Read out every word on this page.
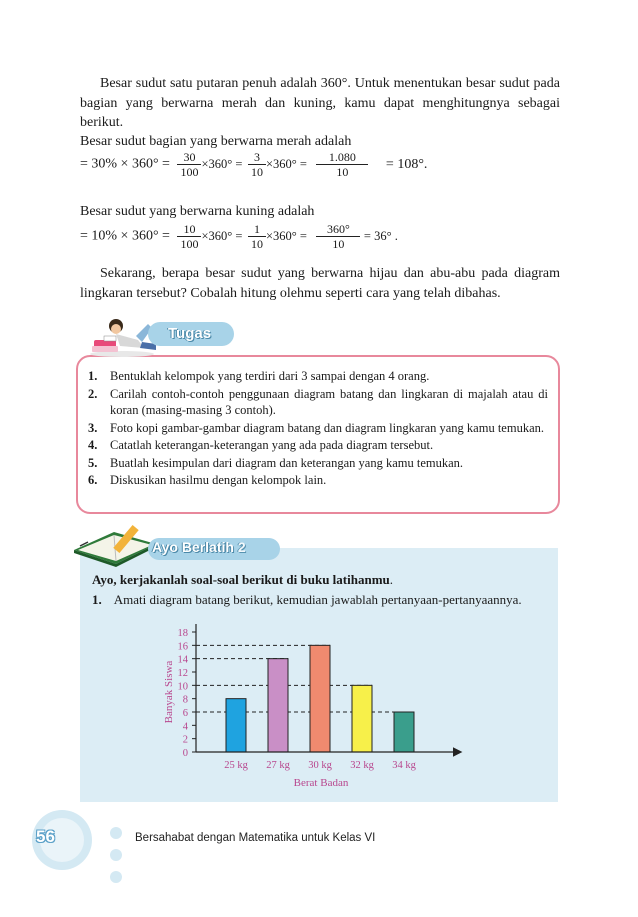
Besar sudut satu putaran penuh adalah 360°. Untuk menentukan besar sudut pada bagian yang berwarna merah dan kuning, kamu dapat menghitungnya sebagai berikut.
Besar sudut bagian yang berwarna merah adalah
= $30\% \times 360^\circ = \frac{30}{100} \times 360^\circ = \frac{3}{10} \times 360^\circ = \frac{1.080}{10} = 108^\circ$.
Besar sudut yang berwarna kuning adalah
= $10\% \times 360^\circ = \frac{10}{100} \times 360^\circ = \frac{1}{10} \times 360^\circ = \frac{360^\circ}{10} = 36^\circ$ .
Sekarang, berapa besar sudut yang berwarna hijau dan abu-abu pada diagram lingkaran tersebut? Cobalah hitung olehmu seperti cara yang telah dibahas.
Tugas
1. Bentuklah kelompok yang terdiri dari 3 sampai dengan 4 orang.
2. Carilah contoh-contoh penggunaan diagram batang dan lingkaran di majalah atau di koran (masing-masing 3 contoh).
3. Foto kopi gambar-gambar diagram batang dan diagram lingkaran yang kamu temukan.
4. Catatlah keterangan-keterangan yang ada pada diagram tersebut.
5. Buatlah kesimpulan dari diagram dan keterangan yang kamu temukan.
6. Diskusikan hasilmu dengan kelompok lain.
Ayo Berlatih 2
Ayo, kerjakanlah soal-soal berikut di buku latihanmu.
1. Amati diagram batang berikut, kemudian jawablah pertanyaan-pertanyaannya.
0
2
4
6
8
10
12
14
16
18
25 kg 27 kg 30 kg 32 kg 34 kg
Banyak Siswa
Berat Badan
56	Bersahabat dengan Matematika untuk Kelas VI
